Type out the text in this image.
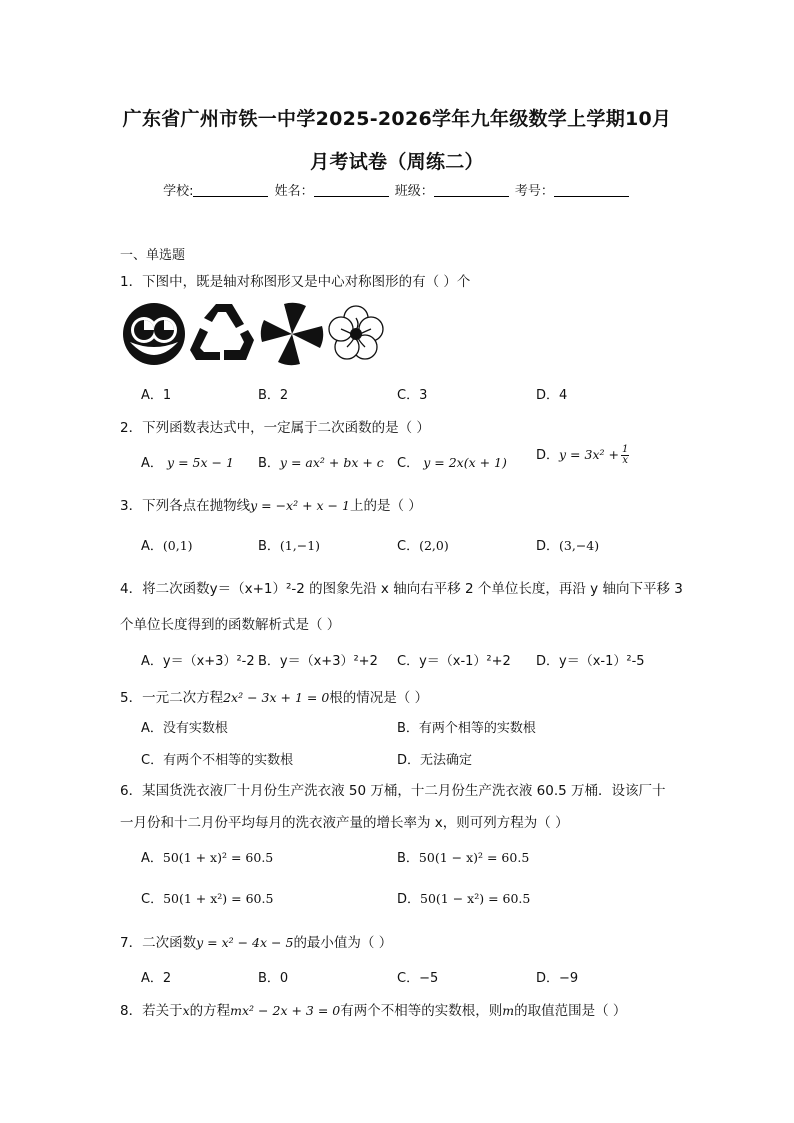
广东省广州市铁一中学2025-2026学年九年级数学上学期10月
月考试卷（周练二）
学校:	姓名：	班级：	考号：
一、单选题
1．下图中，既是轴对称图形又是中心对称图形的有（ ）个
A．1	B．2	C．3	D．4
2．下列函数表达式中，一定属于二次函数的是（ ）
A． y = 5x − 1 B．y = ax² + bx + c C． y = 2x(x + 1) D．$y = 3x^2 + \frac{1}{x}$
3．下列各点在抛物线y = −x² + x − 1上的是（ ）
A．(0,1)	B．(1,−1)	C．(2,0)	D．(3,−4)
4．将二次函数y＝（x+1）²-2 的图象先沿 x 轴向右平移 2 个单位长度，再沿 y 轴向下平移 3
个单位长度得到的函数解析式是（ ）
A．y＝（x+3）²-2 B．y＝（x+3）²+2 C．y＝（x-1）²+2 D．y＝（x-1）²-5
5．一元二次方程2x² − 3x + 1 = 0根的情况是（ ）
A．没有实数根	B．有两个相等的实数根
C．有两个不相等的实数根	D．无法确定
6．某国货洗衣液厂十月份生产洗衣液 50 万桶，十二月份生产洗衣液 60.5 万桶．设该厂十
一月份和十二月份平均每月的洗衣液产量的增长率为 x，则可列方程为（ ）
A．50(1 + x)² = 60.5	B．50(1 − x)² = 60.5
C．50(1 + x²) = 60.5	D．50(1 − x²) = 60.5
7．二次函数y = x² − 4x − 5的最小值为（ ）
A．2	B．0	C．−5	D．−9
8．若关于x的方程mx² − 2x + 3 = 0有两个不相等的实数根，则m的取值范围是（ ）
